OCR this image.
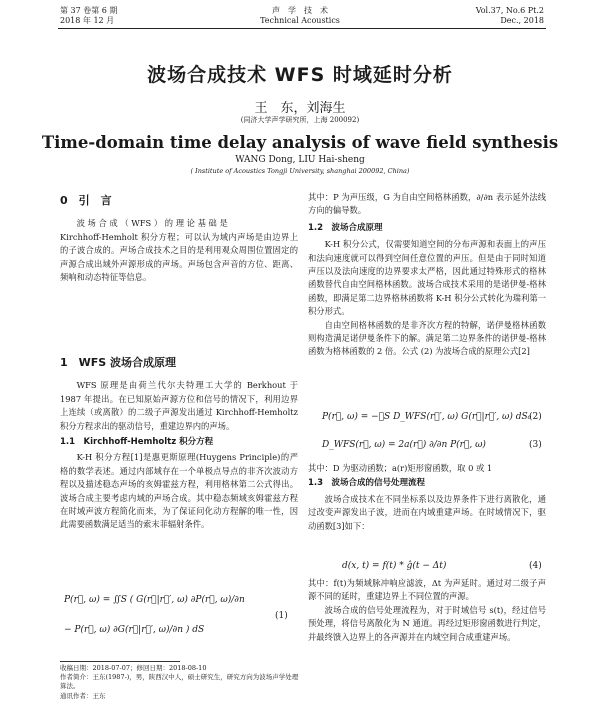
第 37 卷第 6 期
2018 年 12 月
声　学　技　术
Technical Acoustics
Vol.37, No.6 Pt.2
Dec., 2018
波场合成技术 WFS 时域延时分析
王　东，刘海生
(同济大学声学研究所，上海 200092)
Time-domain time delay analysis of wave field synthesis
WANG Dong, LIU Hai-sheng
( Institute of Acoustics Tongji University, shanghai 200092, China)
0　引　言

波 场 合 成 （ WFS ） 的 理 论 基 础 是

Kirchhoff-Hemholt 积分方程；可以认为域内声场是由边界上的子波合成的。声场合成技术之目的是利用观众周围位置固定的声源合成出域外声源形成的声场。声场包含声音的方位、距离、频响和动态特征等信息。

1　WFS 波场合成原理

WFS 原理是由荷兰代尔夫特理工大学的 Berkhout 于 1987 年提出。在已知原始声源方位和信号的情况下，利用边界上连续（或离散）的二级子声源发出通过 Kirchhoff-Hemholtz 积分方程求出的驱动信号，重建边界内的声场。

1.1　Kirchhoff-Hemholtz 积分方程

K-H 积分方程[1]是惠更斯原理(Huygens Principle)的严格的数学表述。通过内部域存在一个单极点导点的非齐次波动方程以及描述稳态声场的亥姆霍兹方程，利用格林第二公式得出。波场合成主要考虑内域的声场合成。其中稳态频域亥姆霍兹方程在时域声波方程简化而来，为了保证问化动方程解的唯一性，因此需要函数满足适当的索末菲辐射条件。

P(r⃗, ω) = ∬S ( G(r⃗|r⃗′, ω) ∂P(r⃗, ω)/∂n
− P(r⃗, ω) ∂G(r⃗|r⃗′, ω)/∂n ) dS
(1)
收稿日期：2018-07-07；修回日期：2018-08-10
作者简介：王东(1987-)，男，陕西汉中人，硕士研究生，研究方向为波场声学处理算法。
通讯作者：王东

其中：P 为声压级，G 为自由空间格林函数，∂/∂n 表示延外法线方向的偏导数。

1.2　波场合成原理

K-H 积分公式，仅需要知道空间的分布声源和表面上的声压和法向速度就可以得到空间任意位置的声压。但是由于同时知道声压以及法向速度的边界要求太严格，因此通过特殊形式的格林函数替代自由空间格林函数。波场合成技术采用的是诺伊曼-格林函数，即满足第二边界格林函数将 K-H 积分公式转化为瑞利第一积分形式。

自由空间格林函数的是非齐次方程的特解，诺伊曼格林函数则构造满足诺伊曼条件下的解。满足第二边界条件的诺伊曼-格林函数为格林函数的 2 倍。公式 (2) 为波场合成的原理公式[2]

P(r⃗, ω) = −∯S D_WFS(r⃗′, ω) G(r⃗|r⃗′, ω) dS₀
(2)
D_WFS(r⃗, ω) = 2a(r⃗) ∂/∂n P(r⃗, ω)	(3)

其中：D 为驱动函数；a(r)矩形窗函数，取 0 或 1

1.3　波场合成的信号处理流程

波场合成技术在不同坐标系以及边界条件下进行离散化，通过改变声源发出子波，进而在内域重建声场。在时域情况下，驱动函数[3]如下：

d(x, t) = f(t) * ĝ(t − Δt)	(4)

其中：f(t)为频域脉冲响应滤波，Δt 为声延时。通过对二级子声源不同的延时，重建边界上不同位置的声源。

波场合成的信号处理流程为，对于时域信号 s(t)，经过信号预处理，将信号离散化为 N 通道。再经过矩形窗函数进行判定，并最终馈入边界上的各声源并在内域空间合成重建声场。
